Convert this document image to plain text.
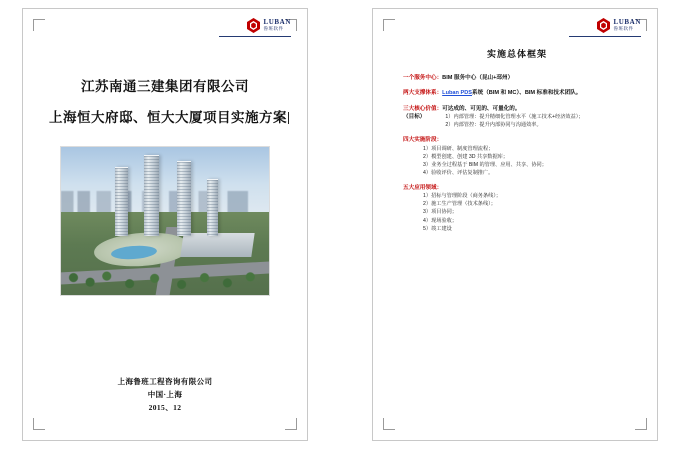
LUBAN
鲁班软件
江苏南通三建集团有限公司
上海恒大府邸、恒大大厦项目实施方案
上海鲁班工程咨询有限公司
中国·上海
2015、12
LUBAN
鲁班软件
实施总体框架
一个服务中心：BIM 服务中心（昆山+邳州）
两大支撑体系：Luban PDS系统（BIM 和 MC）、BIM 标准和技术团队。
三大核心价值：可达成的、可见的、可量化的。
（目标）	1）内部管理：提升精细化管理水平（施工技术+经济效益）；
2）内部管控：提升内部协同与沟通效率。
四大实施阶段：
1）项目调研、制度管理流程；
2）模型创建、创建 3D 共享数据库；
3）业务全过程基于 BIM 的管理、应用、共享、协同；
4）验收评价、评估复制推广。
五大应用领域：
1）招标与管理阶段（商务条线）；
2）施工生产管理（技术条线）；
3）项目协同；
4）现场验收；
5）竣工建设
